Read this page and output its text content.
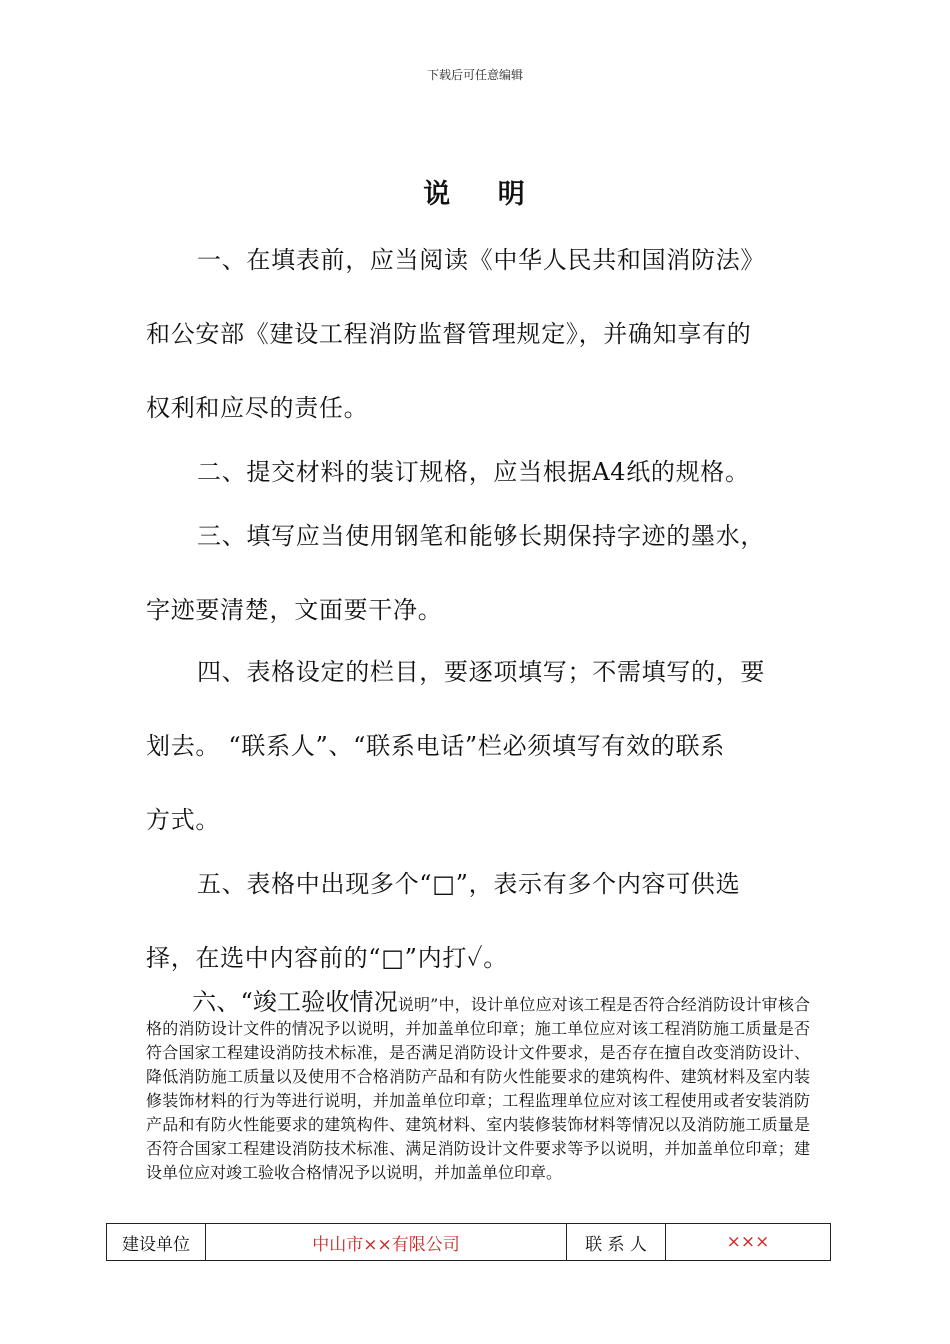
下载后可任意编辑
说    明
一、在填表前，应当阅读《中华人民共和国消防法》
和公安部《建设工程消防监督管理规定》，并确知享有的
权利和应尽的责任。
二、提交材料的装订规格，应当根据A4纸的规格。
三、填写应当使用钢笔和能够长期保持字迹的墨水，
字迹要清楚，文面要干净。
四、表格设定的栏目，要逐项填写；不需填写的，要
划去。 “联系人”、“联系电话”栏必须填写有效的联系
方式。
五、表格中出现多个“□”，表示有多个内容可供选
择，在选中内容前的“□”内打✓。
六、“竣工验收情况说明”中，设计单位应对该工程是否符合经消防设计审核合格的消防设计文件的情况予以说明，并加盖单位印章；施工单位应对该工程消防施工质量是否符合国家工程建设消防技术标准，是否满足消防设计文件要求，是否存在擅自改变消防设计、降低消防施工质量以及使用不合格消防产品和有防火性能要求的建筑构件、建筑材料及室内装修装饰材料的行为等进行说明，并加盖单位印章；工程监理单位应对该工程使用或者安装消防产品和有防火性能要求的建筑构件、建筑材料、室内装修装饰材料等情况以及消防施工质量是否符合国家工程建设消防技术标准、满足消防设计文件要求等予以说明，并加盖单位印章；建设单位应对竣工验收合格情况予以说明，并加盖单位印章。
建设单位	中山市××有限公司	联 系 人	×××
